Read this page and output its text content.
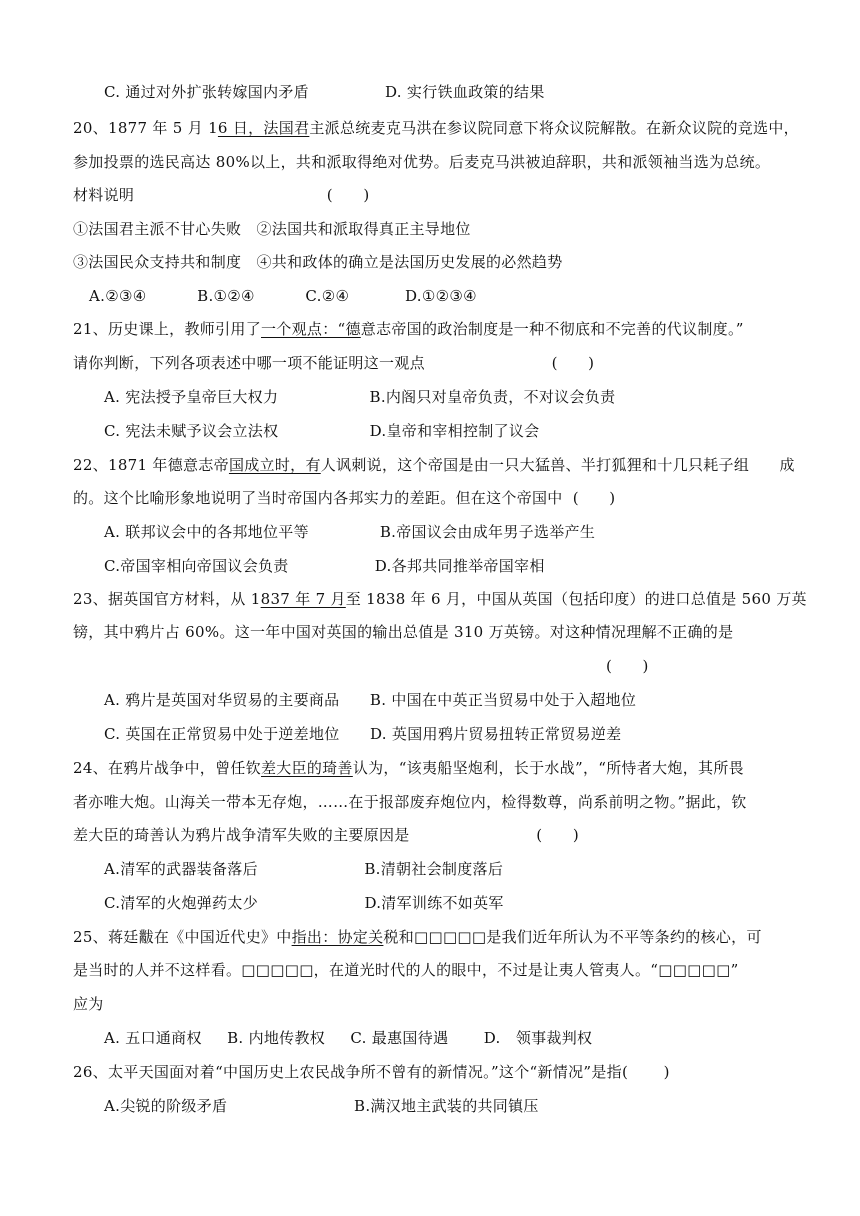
C. 通过对外扩张转嫁国内矛盾               D. 实行铁血政策的结果
20、1877 年 5 月 16 日，法国君主派总统麦克马洪在参议院同意下将众议院解散。在新众议院的竞选中，
参加投票的选民高达 80%以上，共和派取得绝对优势。后麦克马洪被迫辞职，共和派领袖当选为总统。
材料说明                                      (      )
①法国君主派不甘心失败   ②法国共和派取得真正主导地位
③法国民众支持共和制度   ④共和政体的确立是法国历史发展的必然趋势
A.②③④          B.①②④          C.②④           D.①②③④
21、历史课上，教师引用了一个观点：“德意志帝国的政治制度是一种不彻底和不完善的代议制度。”
请你判断，下列各项表述中哪一项不能证明这一观点                         (      )
A. 宪法授予皇帝巨大权力                  B.内阁只对皇帝负责，不对议会负责
C. 宪法未赋予议会立法权                  D.皇帝和宰相控制了议会
22、1871 年德意志帝国成立时，有人讽刺说，这个帝国是由一只大猛兽、半打狐狸和十几只耗子组      成
的。这个比喻形象地说明了当时帝国内各邦实力的差距。但在这个帝国中  (      )
A. 联邦议会中的各邦地位平等              B.帝国议会由成年男子选举产生
C.帝国宰相向帝国议会负责                 D.各邦共同推举帝国宰相
23、据英国官方材料，从 1837 年 7 月至 1838 年 6 月，中国从英国（包括印度）的进口总值是 560 万英
镑，其中鸦片占 60%。这一年中国对英国的输出总值是 310 万英镑。对这种情况理解不正确的是
(      )
A. 鸦片是英国对华贸易的主要商品      B. 中国在中英正当贸易中处于入超地位
C. 英国在正常贸易中处于逆差地位      D. 英国用鸦片贸易扭转正常贸易逆差
24、在鸦片战争中，曾任钦差大臣的琦善认为，“该夷船坚炮利，长于水战”，“所恃者大炮，其所畏
者亦唯大炮。山海关一带本无存炮，……在于报部废弃炮位内，检得数尊，尚系前明之物。”据此，钦
差大臣的琦善认为鸦片战争清军失败的主要原因是                         (      )
A.清军的武器装备落后                     B.清朝社会制度落后
C.清军的火炮弹药太少                     D.清军训练不如英军
25、蒋廷黻在《中国近代史》中指出：协定关税和□□□□□是我们近年所认为不平等条约的核心，可
是当时的人并不这样看。□□□□□，在道光时代的人的眼中，不过是让夷人管夷人。“□□□□□”
应为
A. 五口通商权     B. 内地传教权     C. 最惠国待遇       D.   领事裁判权
26、太平天国面对着“中国历史上农民战争所不曾有的新情况。”这个“新情况”是指(       )
A.尖锐的阶级矛盾                         B.满汉地主武装的共同镇压
